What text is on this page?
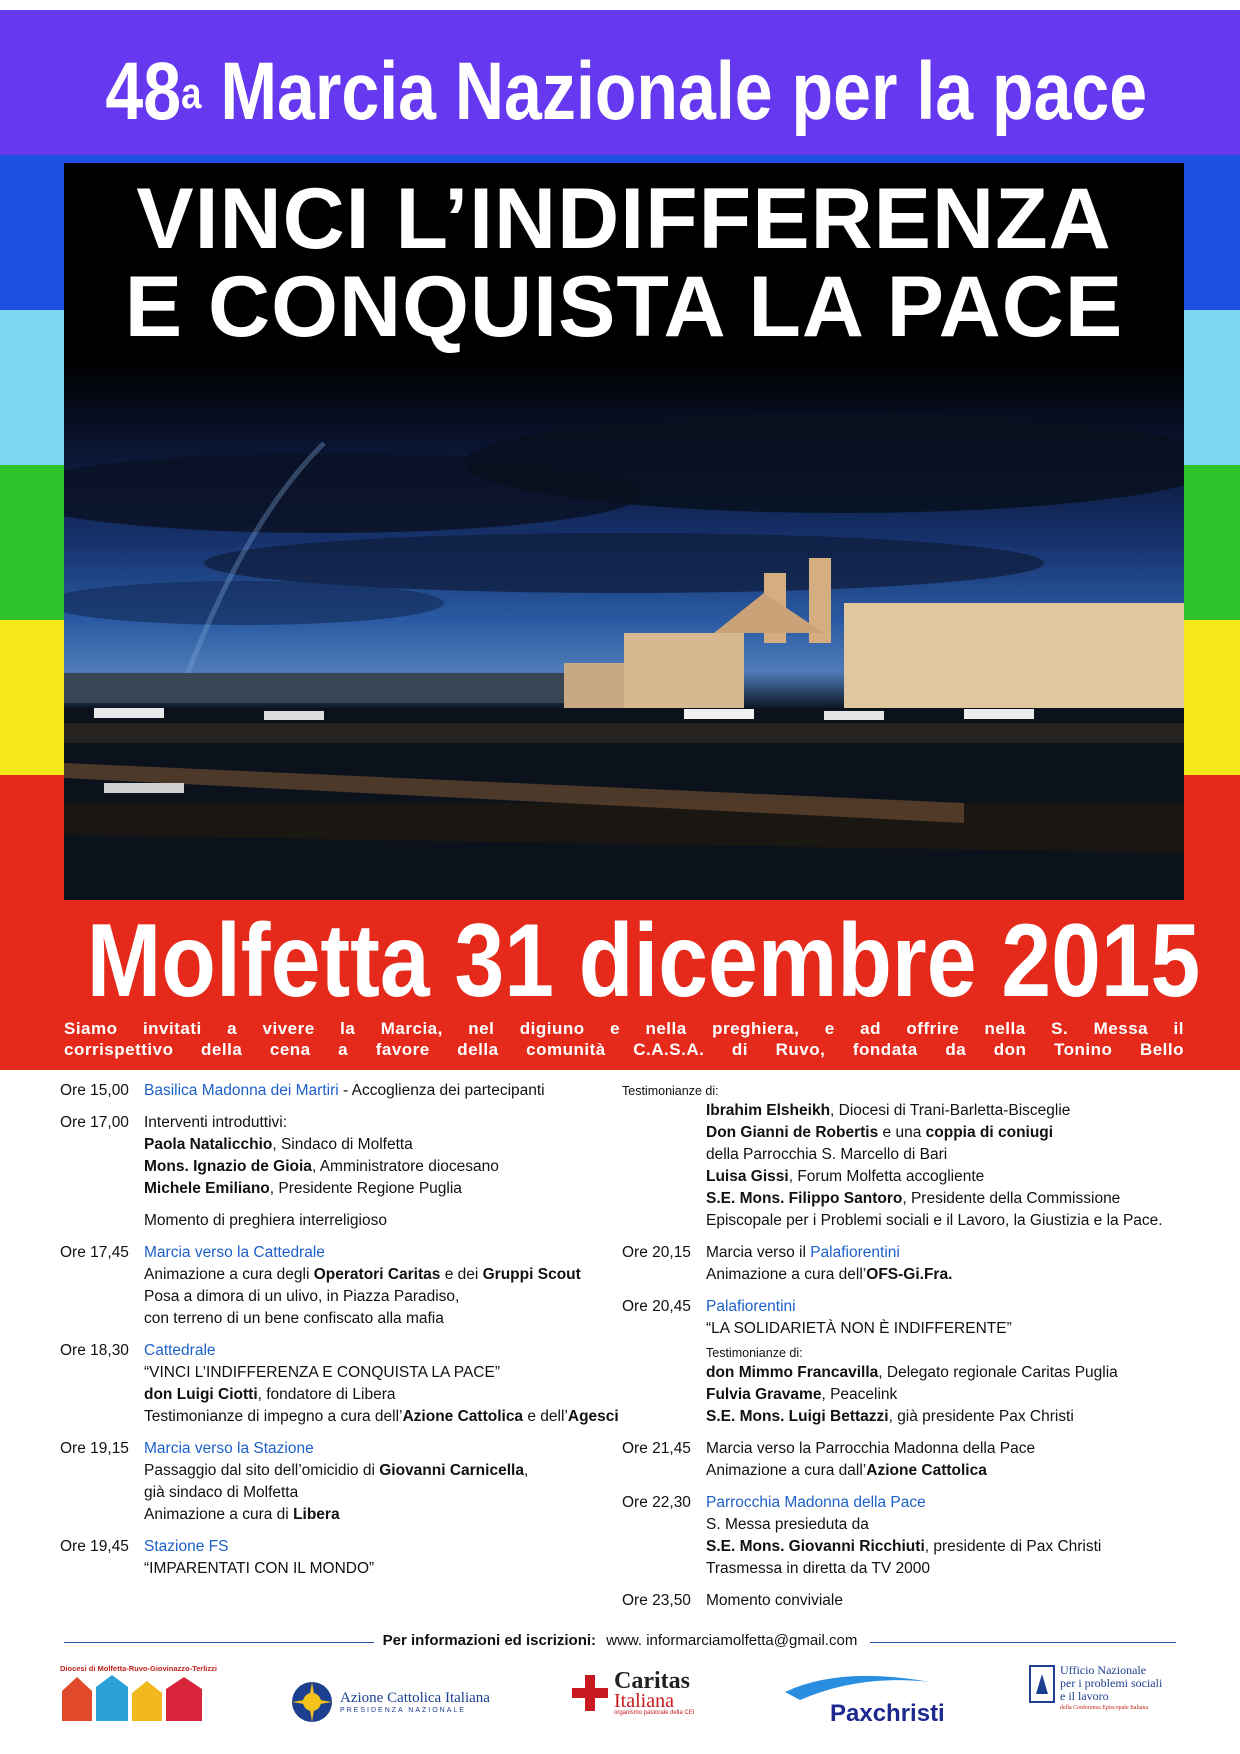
48$^a$ Marcia Nazionale per la pace
VINCI L’INDIFFERENZA
E CONQUISTA LA PACE
Molfetta 31 dicembre 2015
Siamo invitati a vivere la Marcia, nel digiuno e nella preghiera, e ad offrire nella S. Messa il
corrispettivo della cena a favore della comunità C.A.S.A. di Ruvo, fondata da don Tonino Bello
Ore 15,00 Basilica Madonna dei Martiri - Accoglienza dei partecipanti
Ore 17,00 Interventi introduttivi:
Paola Natalicchio, Sindaco di Molfetta
Mons. Ignazio de Gioia, Amministratore diocesano
Michele Emiliano, Presidente Regione Puglia
Momento di preghiera interreligioso
Ore 17,45 Marcia verso la Cattedrale
Animazione a cura degli Operatori Caritas e dei Gruppi Scout
Posa a dimora di un ulivo, in Piazza Paradiso,
con terreno di un bene confiscato alla mafia
Ore 18,30 Cattedrale
“VINCI L’INDIFFERENZA E CONQUISTA LA PACE”
don Luigi Ciotti, fondatore di Libera
Testimonianze di impegno a cura dell’Azione Cattolica e dell’Agesci
Ore 19,15 Marcia verso la Stazione
Passaggio dal sito dell’omicidio di Giovanni Carnicella,
già sindaco di Molfetta
Animazione a cura di Libera
Ore 19,45 Stazione FS
“IMPARENTATI CON IL MONDO”
Testimonianze di:
Ibrahim Elsheikh, Diocesi di Trani-Barletta-Bisceglie
Don Gianni de Robertis e una coppia di coniugi
della Parrocchia S. Marcello di Bari
Luisa Gissi, Forum Molfetta accogliente
S.E. Mons. Filippo Santoro, Presidente della Commissione
Episcopale per i Problemi sociali e il Lavoro, la Giustizia e la Pace.
Ore 20,15 Marcia verso il Palafiorentini
Animazione a cura dell’OFS-Gi.Fra.
Ore 20,45 Palafiorentini
“LA SOLIDARIETÀ NON È INDIFFERENTE”
Testimonianze di:
don Mimmo Francavilla, Delegato regionale Caritas Puglia
Fulvia Gravame, Peacelink
S.E. Mons. Luigi Bettazzi, già presidente Pax Christi
Ore 21,45 Marcia verso la Parrocchia Madonna della Pace
Animazione a cura dall’Azione Cattolica
Ore 22,30 Parrocchia Madonna della Pace
S. Messa presieduta da
S.E. Mons. Giovanni Ricchiuti, presidente di Pax Christi
Trasmessa in diretta da TV 2000
Ore 23,50 Momento conviviale
Per informazioni ed iscrizioni: www. informarciamolfetta@gmail.com
Diocesi di Molfetta-Ruvo-Giovinazzo-Terlizzi
Azione Cattolica Italiana
PRESIDENZA NAZIONALE
Caritas
Italiana
organismo pastorale della CEI	Paxchristi
Ufficio Nazionale
per i problemi sociali
e il lavoro
della Conferenza Episcopale Italiana
